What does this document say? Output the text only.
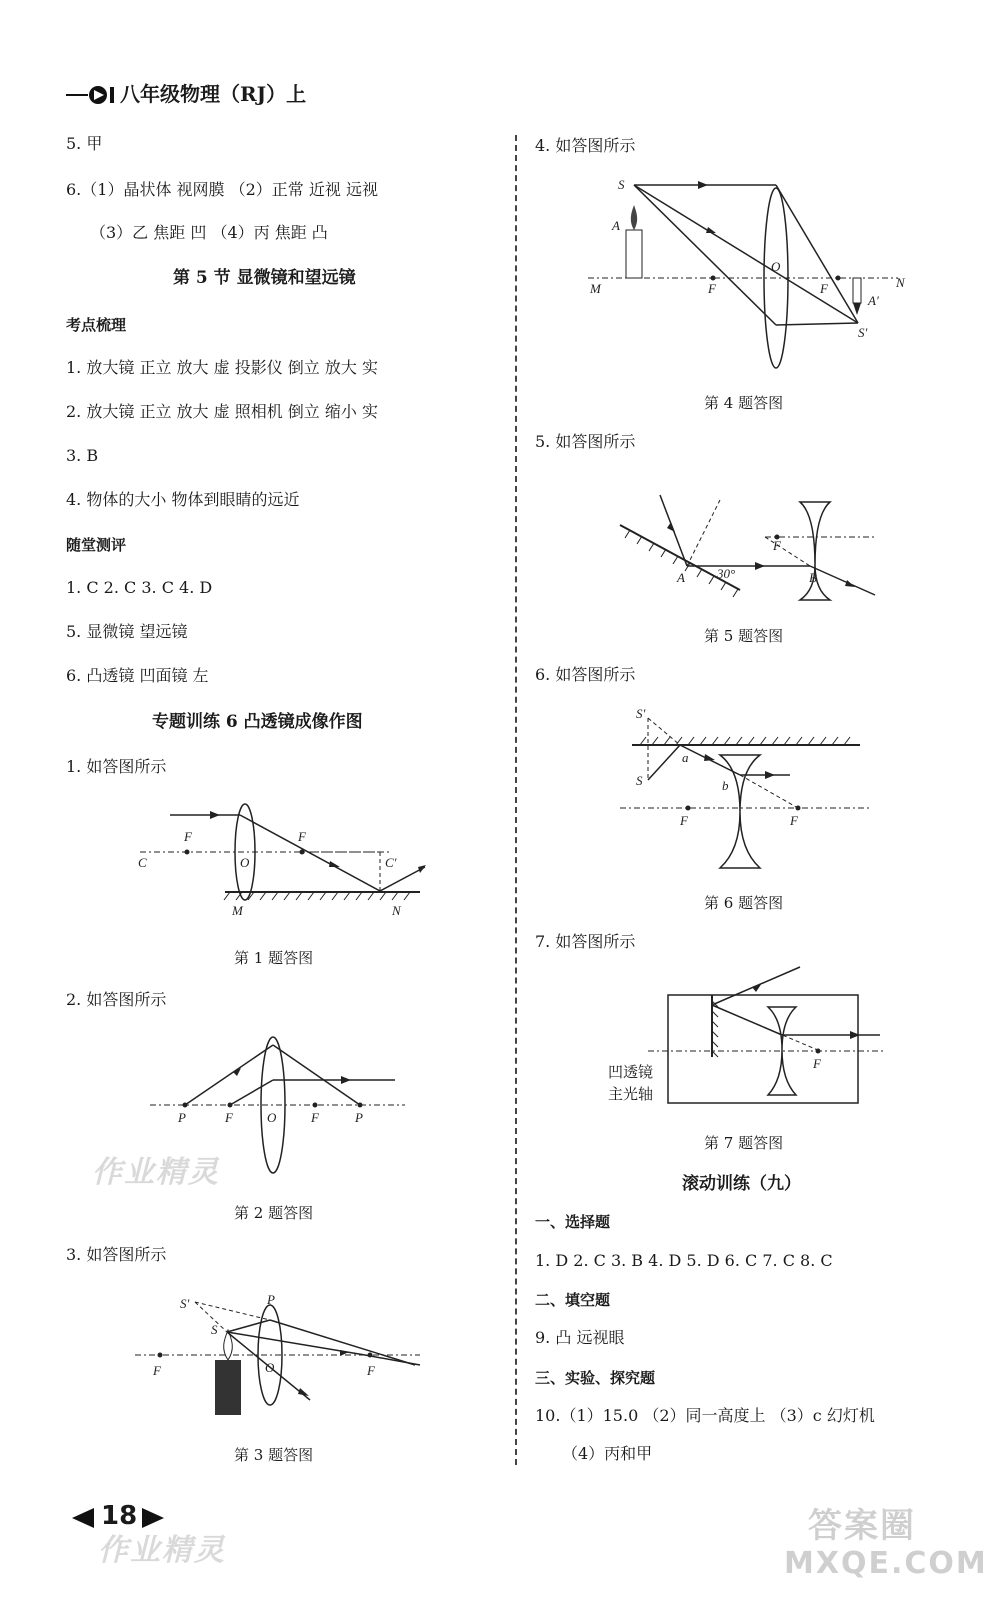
八年级物理（RJ）上
5. 甲
6.（1）晶状体 视网膜 （2）正常 近视 远视
（3）乙 焦距 凹 （4）丙 焦距 凸
第 5 节 显微镜和望远镜
考点梳理
1. 放大镜 正立 放大 虚 投影仪 倒立 放大 实
2. 放大镜 正立 放大 虚 照相机 倒立 缩小 实
3. B
4. 物体的大小 物体到眼睛的远近
随堂测评
1. C 2. C 3. C 4. D
5. 显微镜 望远镜
6. 凸透镜 凹面镜 左
专题训练 6 凸透镜成像作图
1. 如答图所示
F	F
C	O	C′
M	N
第 1 题答图
2. 如答图所示
P	F	O	F	P
第 2 题答图
3. 如答图所示
F	F
O
S′
S
P
第 3 题答图
4. 如答图所示
S
A
O
F	F
M	N
A′
S′
第 4 题答图
5. 如答图所示
F
A	B
30°
第 5 题答图
6. 如答图所示
S′
S
a
b
F	F
第 6 题答图
7. 如答图所示
F
凹透镜
主光轴
第 7 题答图
滚动训练（九）
一、选择题
1. D 2. C 3. B 4. D 5. D 6. C 7. C 8. C
二、填空题
9. 凸 远视眼
三、实验、探究题
10.（1）15.0 （2）同一高度上 （3）c 幻灯机
（4）丙和甲
18
作业精灵
作业精灵
答案圈
MXQE.COM
